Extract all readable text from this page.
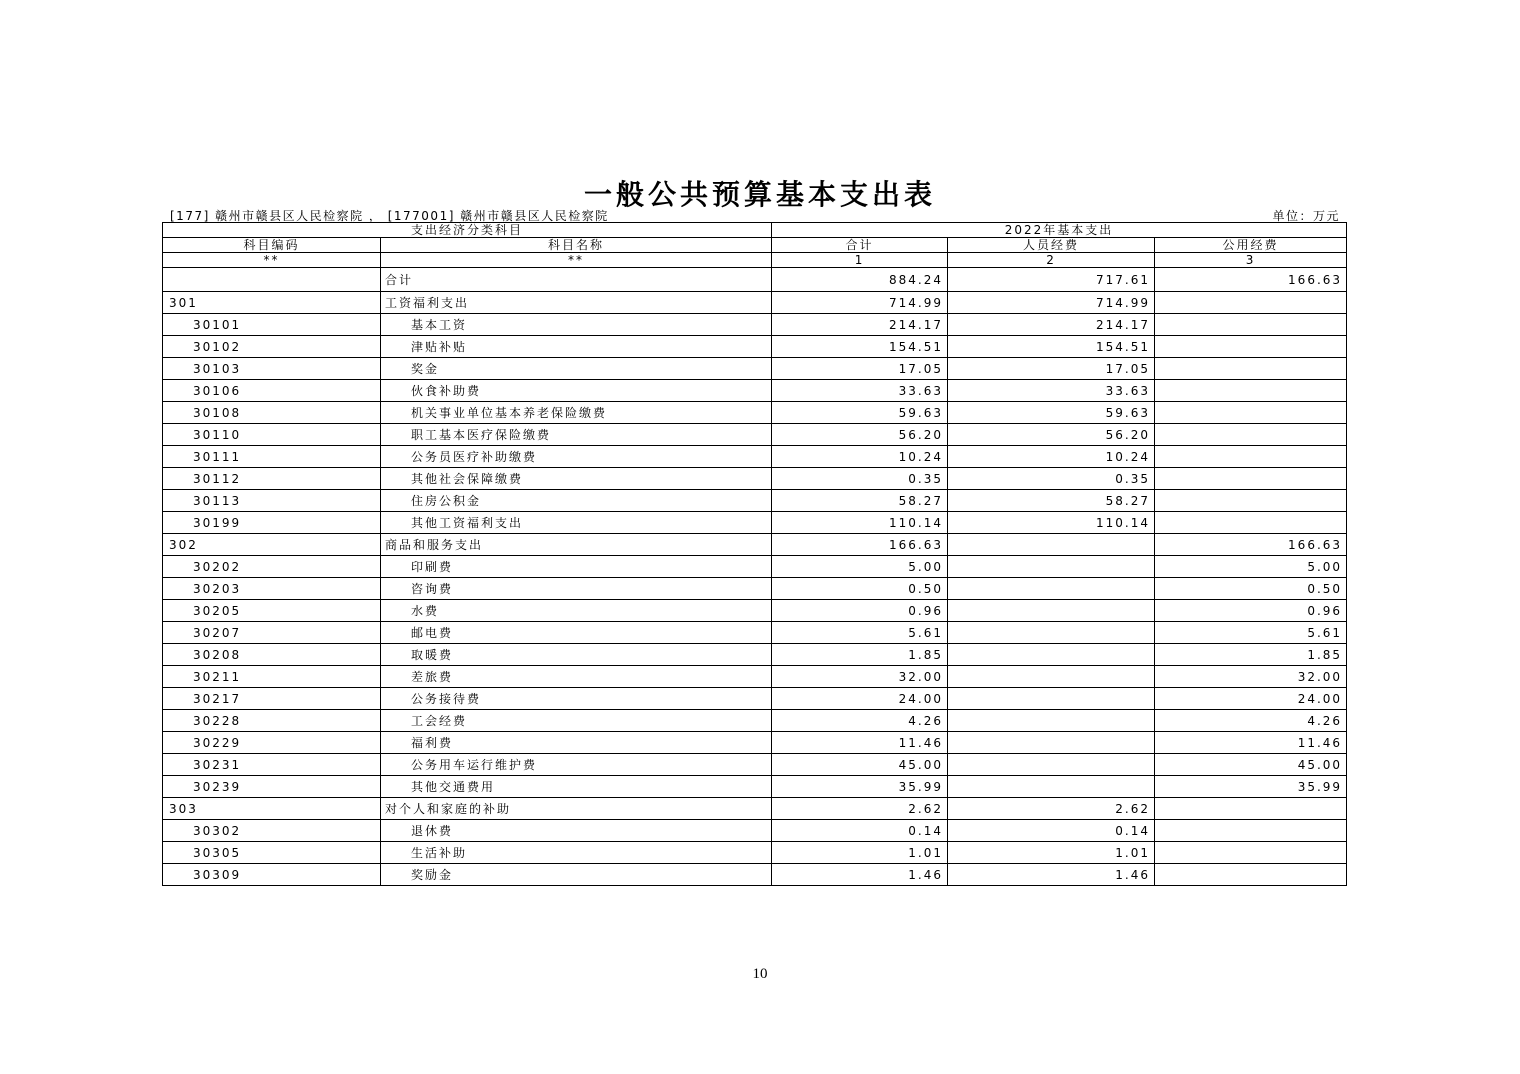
一般公共预算基本支出表
[177] 赣州市赣县区人民检察院 ， [177001] 赣州市赣县区人民检察院	单位：万元
支出经济分类科目		2022年基本支出		
科目编码	科目名称	合计	人员经费	公用经费
**	**	1	2	3
	合计	884.24	717.61	166.63
301	工资福利支出	714.99	714.99	
30101	基本工资	214.17	214.17	
30102	津贴补贴	154.51	154.51	
30103	奖金	17.05	17.05	
30106	伙食补助费	33.63	33.63	
30108	机关事业单位基本养老保险缴费	59.63	59.63	
30110	职工基本医疗保险缴费	56.20	56.20	
30111	公务员医疗补助缴费	10.24	10.24	
30112	其他社会保障缴费	0.35	0.35	
30113	住房公积金	58.27	58.27	
30199	其他工资福利支出	110.14	110.14	
302	商品和服务支出	166.63		166.63
30202	印刷费	5.00		5.00
30203	咨询费	0.50		0.50
30205	水费	0.96		0.96
30207	邮电费	5.61		5.61
30208	取暖费	1.85		1.85
30211	差旅费	32.00		32.00
30217	公务接待费	24.00		24.00
30228	工会经费	4.26		4.26
30229	福利费	11.46		11.46
30231	公务用车运行维护费	45.00		45.00
30239	其他交通费用	35.99		35.99
303	对个人和家庭的补助	2.62	2.62	
30302	退休费	0.14	0.14	
30305	生活补助	1.01	1.01	
30309	奖励金	1.46	1.46	
10
